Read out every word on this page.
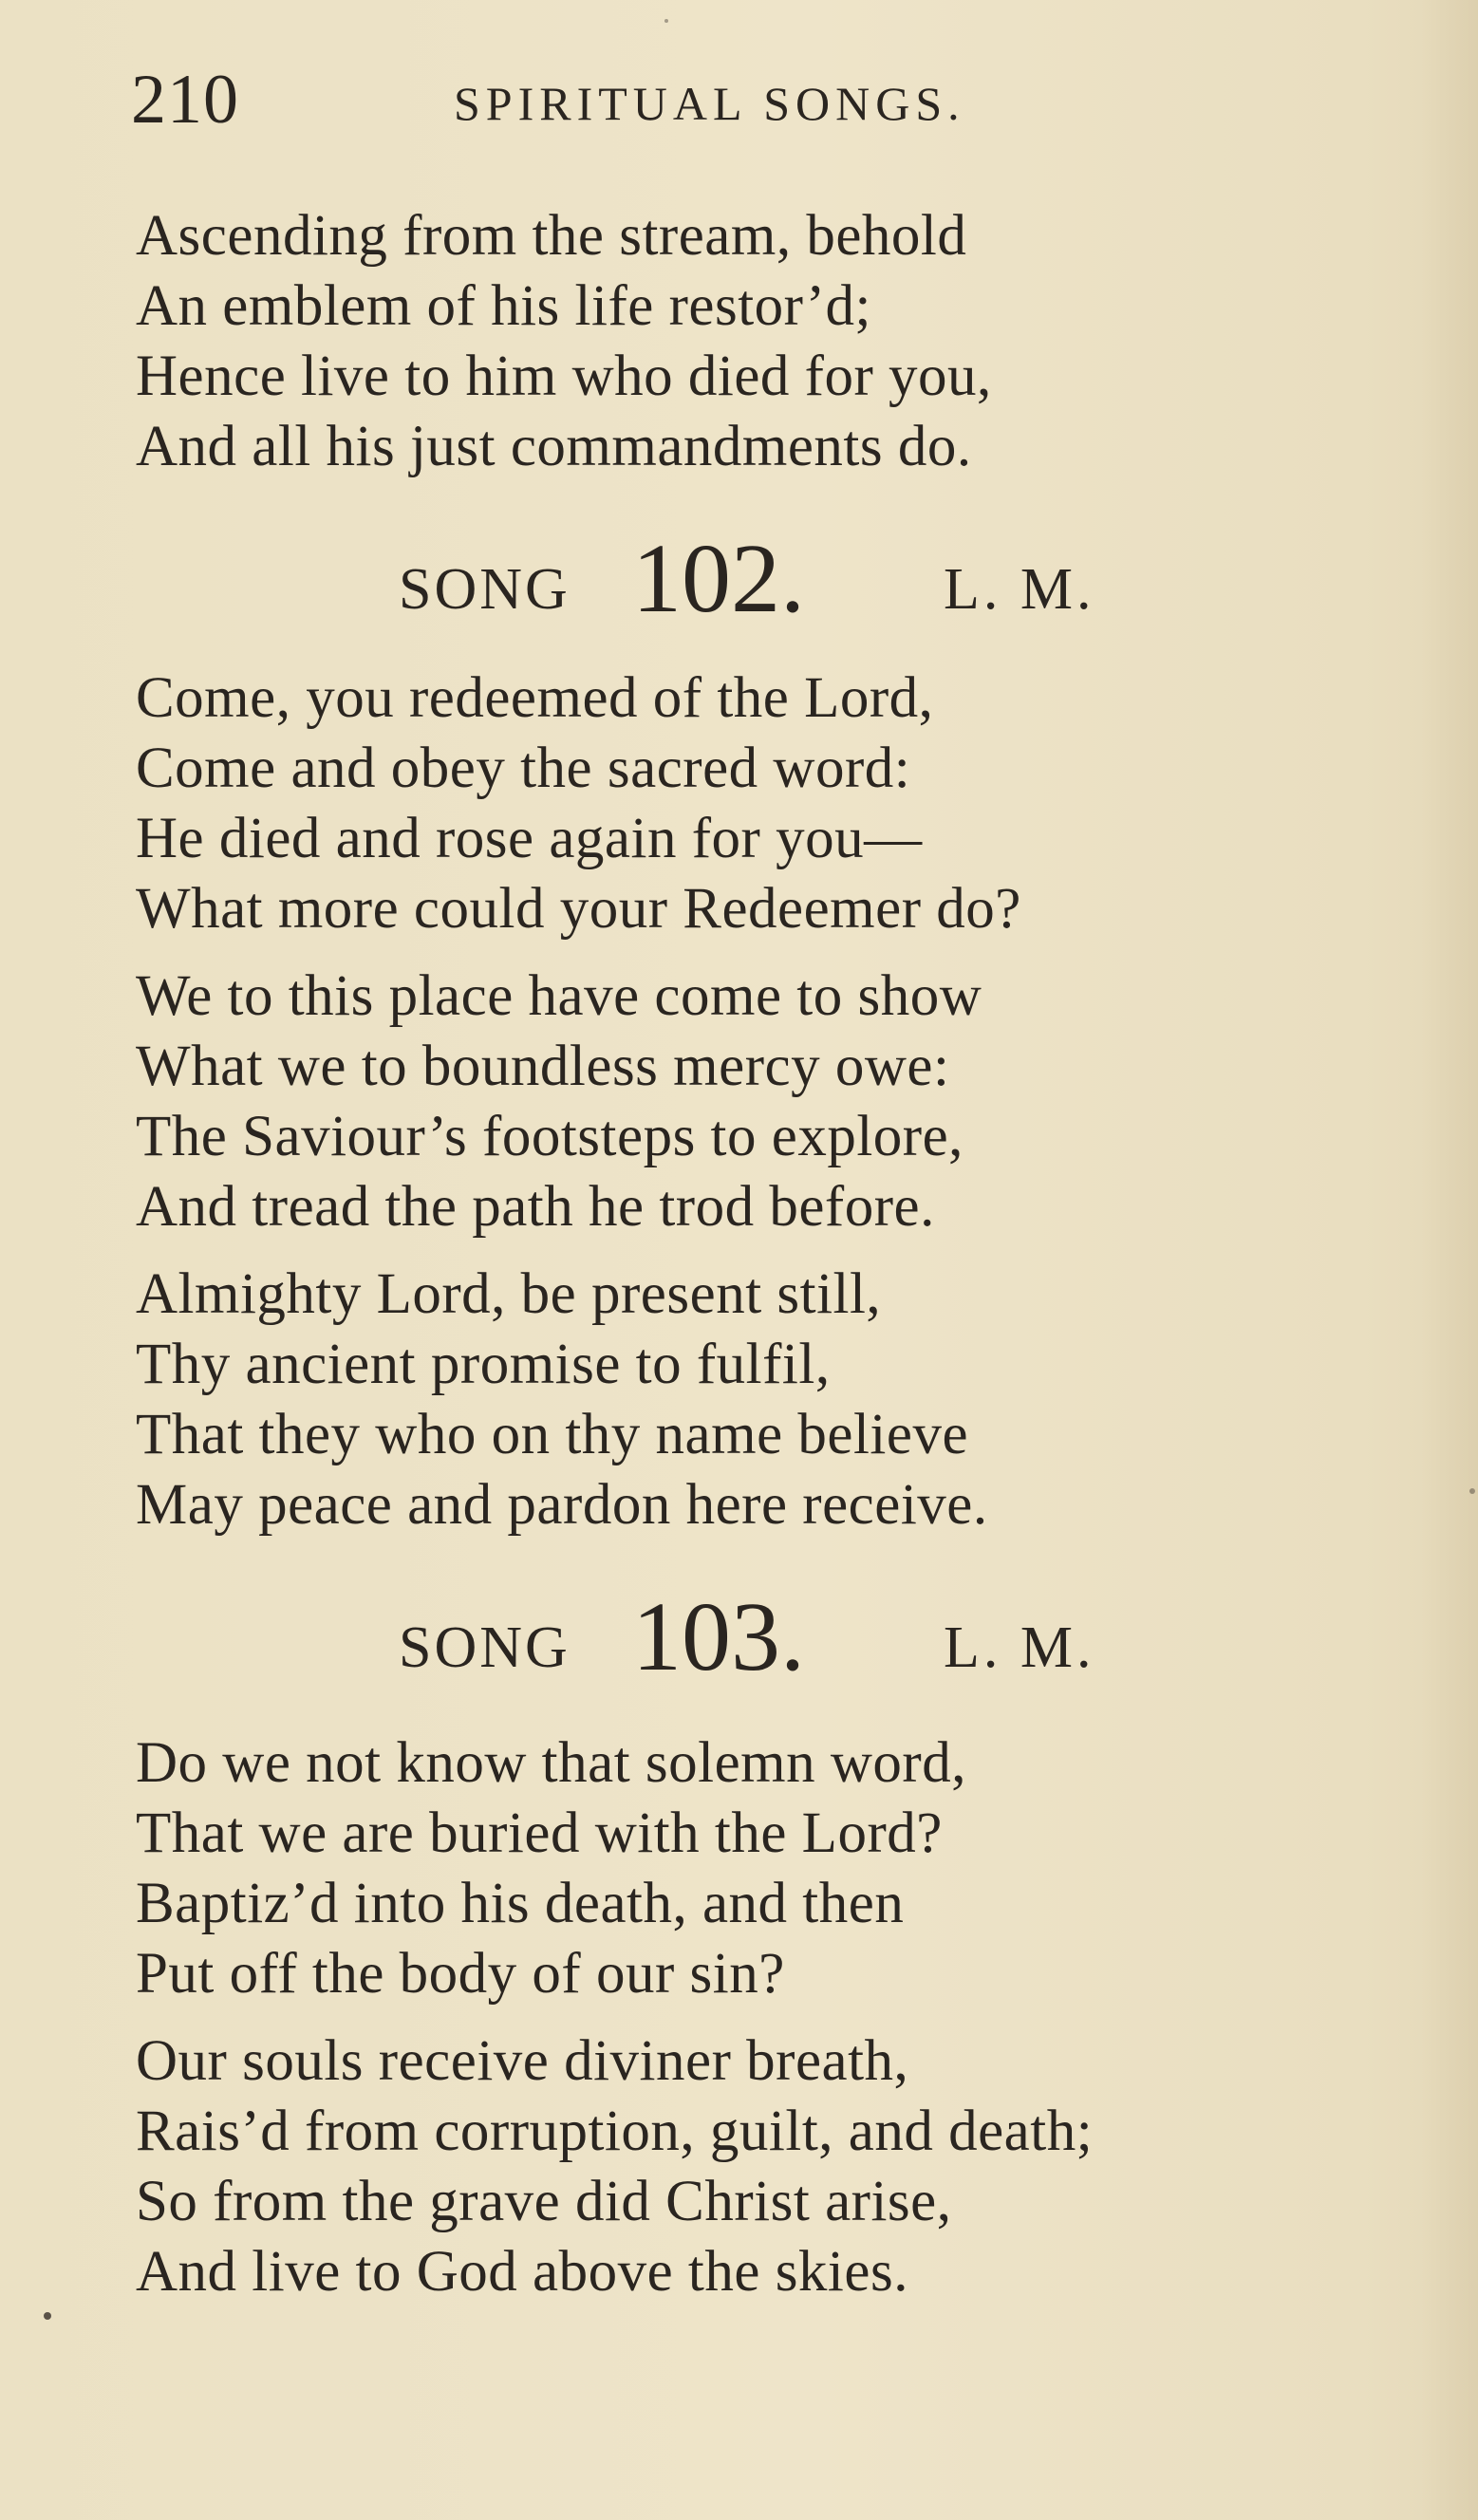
210	SPIRITUAL SONGS.
Ascending from the stream, behold
An emblem of his life restor’d;
Hence live to him who died for you,
And all his just commandments do.
SONG 102. L. M.
Come, you redeemed of the Lord,
Come and obey the sacred word:
He died and rose again for you—
What more could your Redeemer do?
We to this place have come to show
What we to boundless mercy owe:
The Saviour’s footsteps to explore,
And tread the path he trod before.
Almighty Lord, be present still,
Thy ancient promise to fulfil,
That they who on thy name believe
May peace and pardon here receive.
SONG 103. L. M.
Do we not know that solemn word,
That we are buried with the Lord?
Baptiz’d into his death, and then
Put off the body of our sin?
Our souls receive diviner breath,
Rais’d from corruption, guilt, and death;
So from the grave did Christ arise,
And live to God above the skies.
